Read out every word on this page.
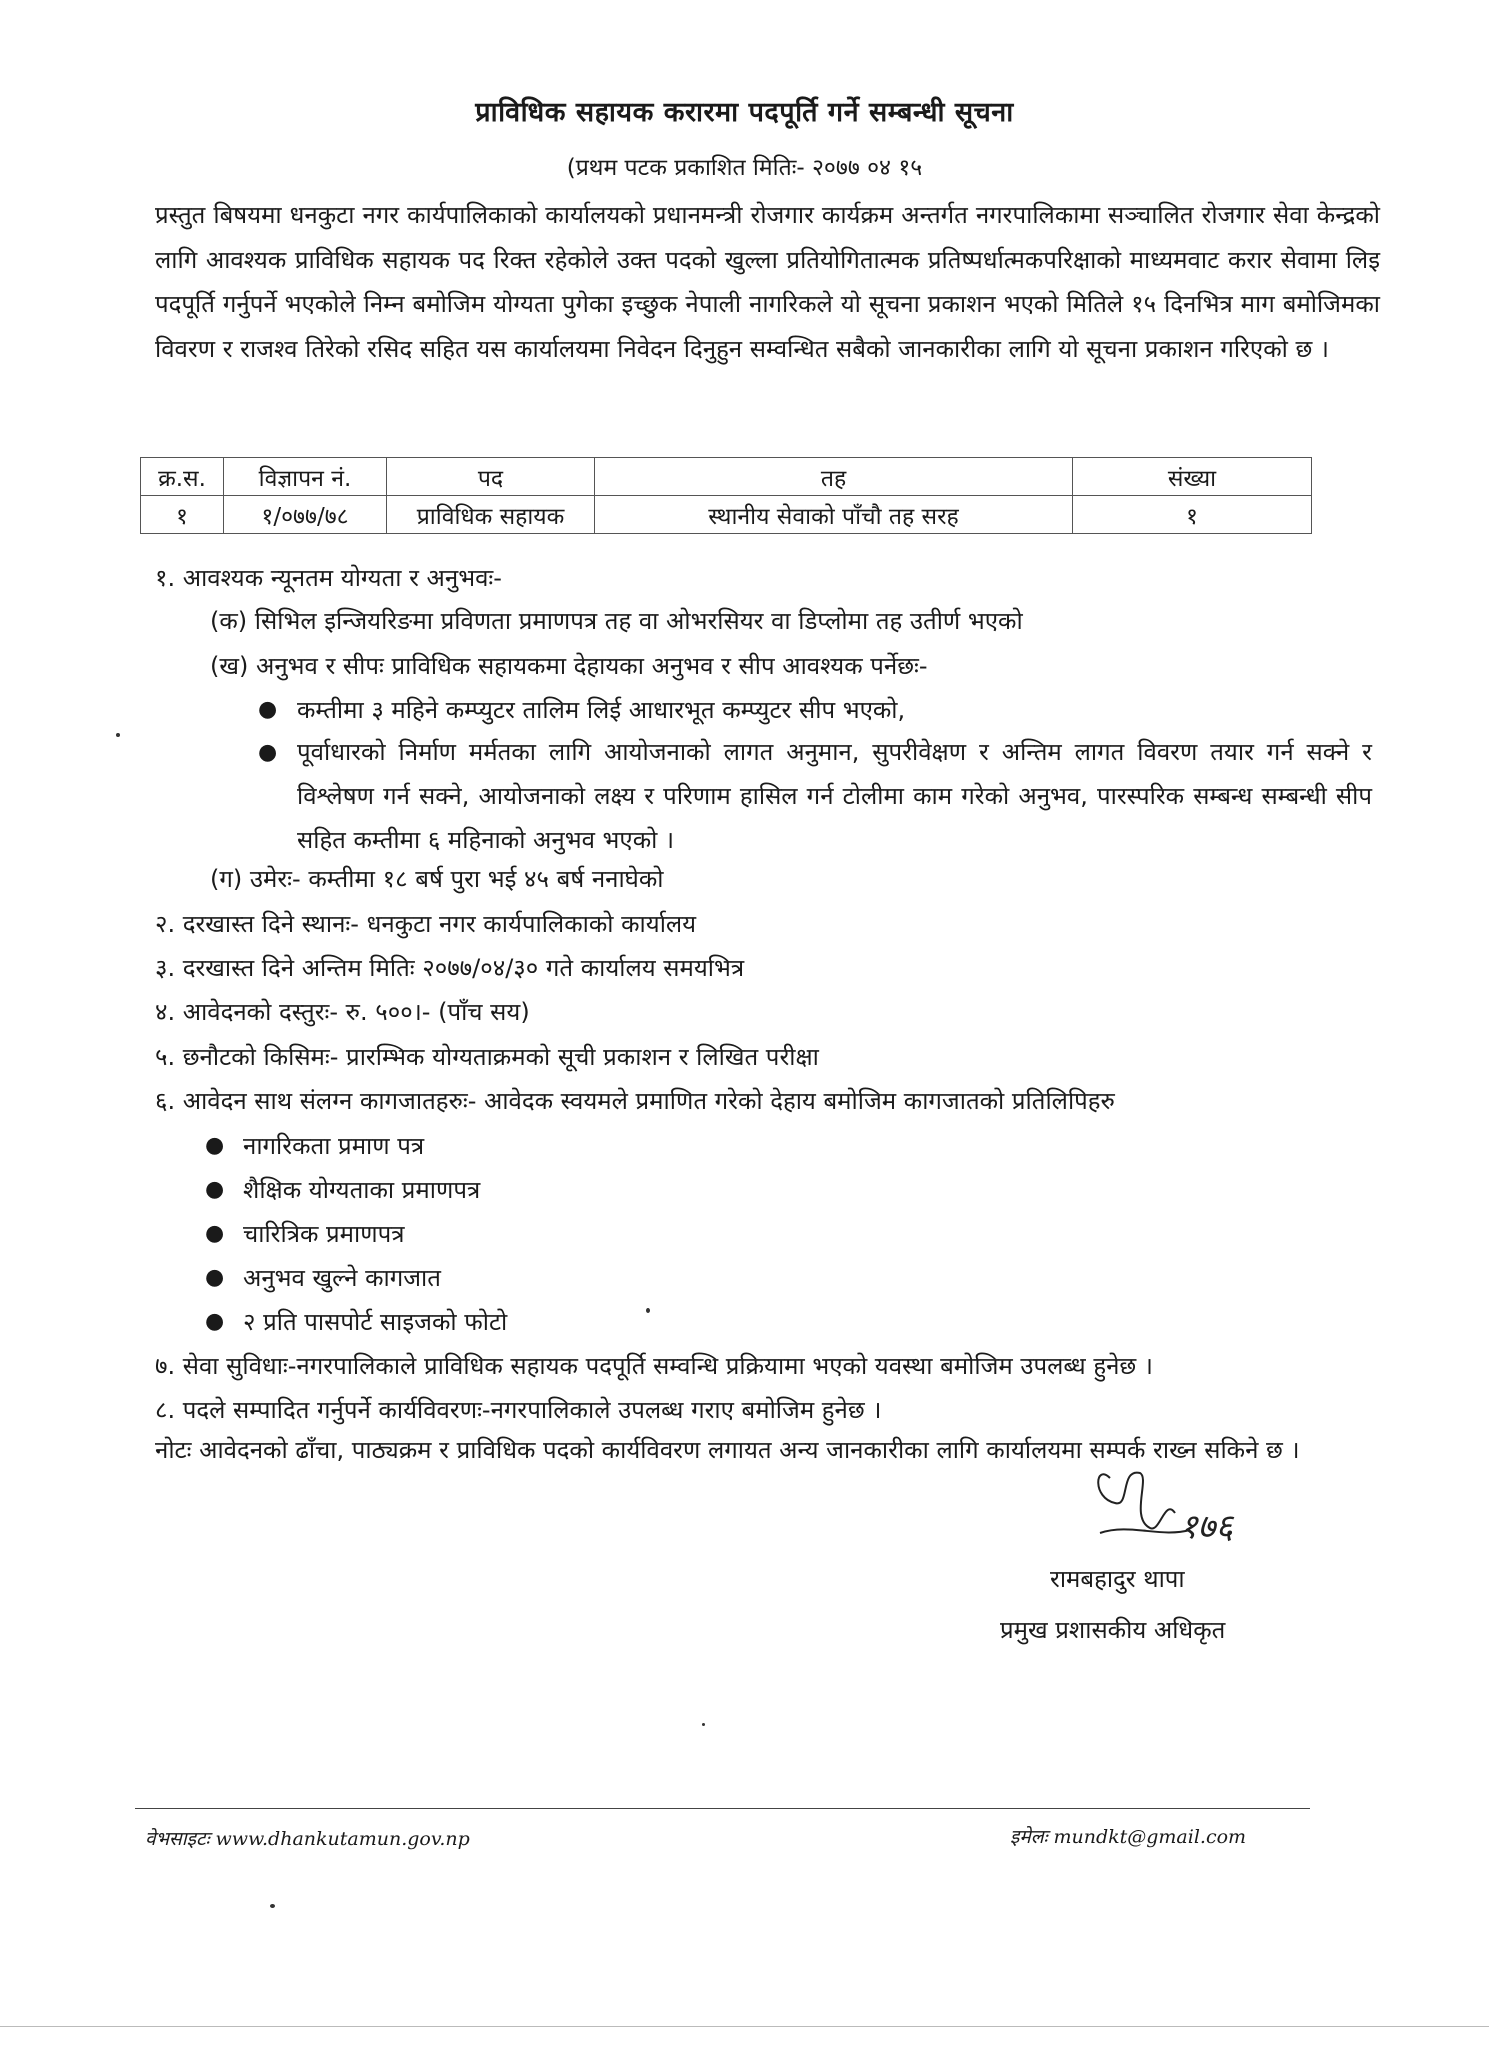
प्राविधिक सहायक करारमा पदपूर्ति गर्ने सम्बन्धी सूचना
(प्रथम पटक प्रकाशित मितिः- २०७७ ०४ १५
प्रस्तुत बिषयमा धनकुटा नगर कार्यपालिकाको कार्यालयको प्रधानमन्त्री रोजगार कार्यक्रम अन्तर्गत नगरपालिकामा सञ्चालित रोजगार सेवा केन्द्रको लागि आवश्यक प्राविधिक सहायक पद रिक्त रहेकोले उक्त पदको खुल्ला प्रतियोगितात्मक प्रतिष्पर्धात्मकपरिक्षाको माध्यमवाट करार सेवामा लिइ पदपूर्ति गर्नुपर्ने भएकोले निम्न बमोजिम योग्यता पुगेका इच्छुक नेपाली नागरिकले यो सूचना प्रकाशन भएको मितिले १५ दिनभित्र माग बमोजिमका विवरण र राजश्व तिरेको रसिद सहित यस कार्यालयमा निवेदन दिनुहुन सम्वन्धित सबैको जानकारीका लागि यो सूचना प्रकाशन गरिएको छ ।
क्र.स.	विज्ञापन नं.	पद	तह	संख्या
१	१/०७७/७८	प्राविधिक सहायक	स्थानीय सेवाको पाँचौ तह सरह	१
१. आवश्यक न्यूनतम योग्यता र अनुभवः-
(क) सिभिल इन्जियरिङमा प्रविणता प्रमाणपत्र तह वा ओभरसियर वा डिप्लोमा तह उतीर्ण भएको
(ख) अनुभव र सीपः प्राविधिक सहायकमा देहायका अनुभव र सीप आवश्यक पर्नेछः-
● कम्तीमा ३ महिने कम्प्युटर तालिम लिई आधारभूत कम्प्युटर सीप भएको,
● पूर्वाधारको निर्माण मर्मतका लागि आयोजनाको लागत अनुमान, सुपरीवेक्षण र अन्तिम लागत विवरण तयार गर्न सक्ने र विश्लेषण गर्न सक्ने, आयोजनाको लक्ष्य र परिणाम हासिल गर्न टोलीमा काम गरेको अनुभव, पारस्परिक सम्बन्ध सम्बन्धी सीप सहित कम्तीमा ६ महिनाको अनुभव भएको ।
(ग) उमेरः- कम्तीमा १८ बर्ष पुरा भई ४५ बर्ष ननाघेको
२. दरखास्त दिने स्थानः- धनकुटा नगर कार्यपालिकाको कार्यालय
३. दरखास्त दिने अन्तिम मितिः २०७७/०४/३० गते कार्यालय समयभित्र
४. आवेदनको दस्तुरः- रु. ५००।- (पाँच सय)
५. छनौटको किसिमः- प्रारम्भिक योग्यताक्रमको सूची प्रकाशन र लिखित परीक्षा
६. आवेदन साथ संलग्न कागजातहरुः- आवेदक स्वयमले प्रमाणित गरेको देहाय बमोजिम कागजातको प्रतिलिपिहरु
● नागरिकता प्रमाण पत्र
● शैक्षिक योग्यताका प्रमाणपत्र
● चारित्रिक प्रमाणपत्र
● अनुभव खुल्ने कागजात
● २ प्रति पासपोर्ट साइजको फोटो
७. सेवा सुविधाः-नगरपालिकाले प्राविधिक सहायक पदपूर्ति सम्वन्धि प्रक्रियामा भएको यवस्था बमोजिम उपलब्ध हुनेछ ।
८. पदले सम्पादित गर्नुपर्ने कार्यविवरणः-नगरपालिकाले उपलब्ध गराए बमोजिम हुनेछ ।
नोटः आवेदनको ढाँचा, पाठ्यक्रम र प्राविधिक पदको कार्यविवरण लगायत अन्य जानकारीका लागि कार्यालयमा सम्पर्क राख्न सकिने छ ।
१७६
रामबहादुर थापा
प्रमुख प्रशासकीय अधिकृत
वेभसाइटः www.dhankutamun.gov.np	इमेलः mundkt@gmail.com
